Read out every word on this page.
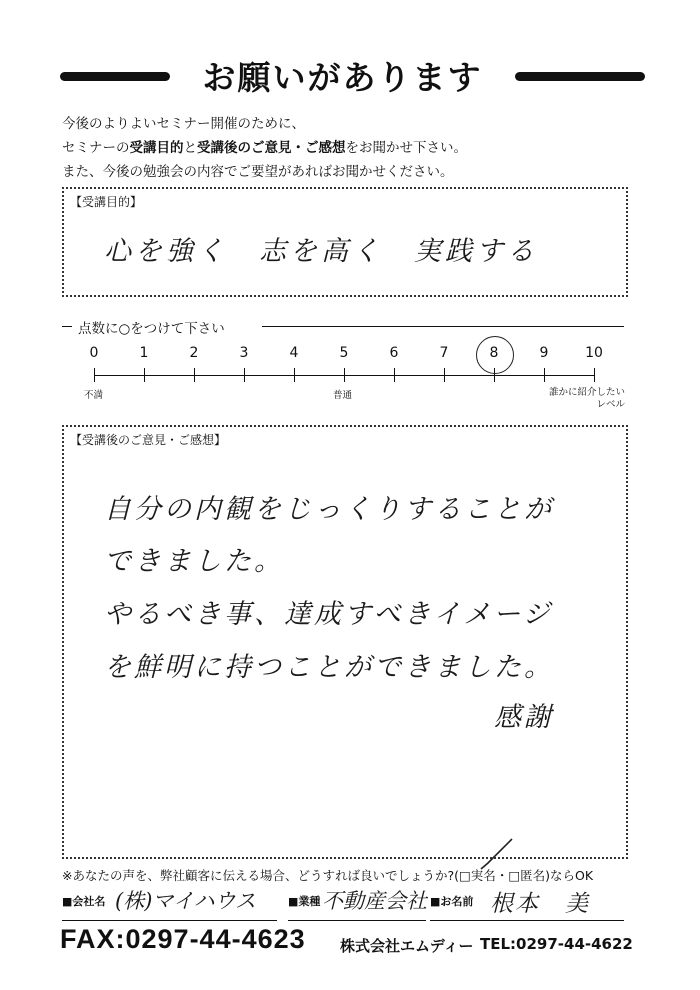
お願いがあります
今後のよりよいセミナー開催のために、
セミナーの受講目的と受講後のご意見・ご感想をお聞かせ下さい。
また、今後の勉強会の内容でご要望があればお聞かせください。
【受講目的】
心を強く　志を高く　実践する
点数に○をつけて下さい
0	1	2	3	4	5	6	7	8	9	10
不満	普通	誰かに紹介したい
レベル
【受講後のご意見・ご感想】
自分の内観をじっくりすることが
できました。
やるべき事、達成すべきイメージ
を鮮明に持つことができました。
感謝
※あなたの声を、弊社顧客に伝える場合、どうすれば良いでしょうか?(□実名・□匿名)ならOK
■会社名 (株)マイハウス	■業種 不動産会社 ■お名前 根本　美
FAX:0297-44-4623 株式会社エムディー TEL:0297-44-4622
